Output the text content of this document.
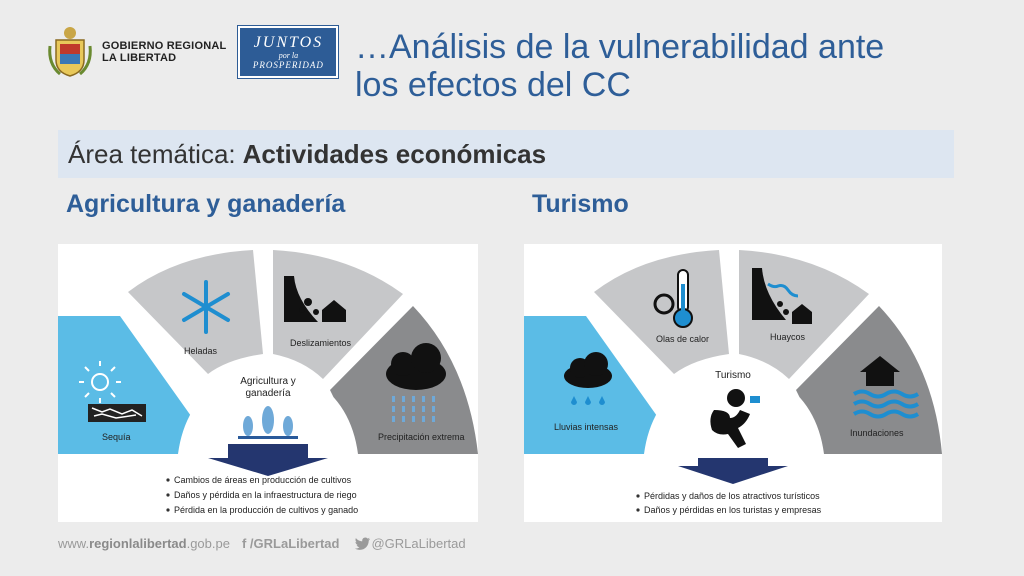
GOBIERNO REGIONAL
LA LIBERTAD
JUNTOS
por la
PROSPERIDAD …Análisis de la vulnerabilidad ante
los efectos del CC
Área temática: Actividades económicas
Agricultura y ganadería	Turismo
Sequía
Heladas
Deslizamientos
Precipitación extrema
Agricultura y
ganadería
Cambios de áreas en producción de cultivos
Daños y pérdida en la infraestructura de riego
Pérdida en la producción de cultivos y ganado
Lluvias intensas
Olas de calor	Huaycos
Inundaciones
Turismo
Pérdidas y daños de los atractivos turísticos
Daños y pérdidas en los turistas y empresas
www.regionlalibertad.gob.pe f /GRLaLibertad @GRLaLibertad
